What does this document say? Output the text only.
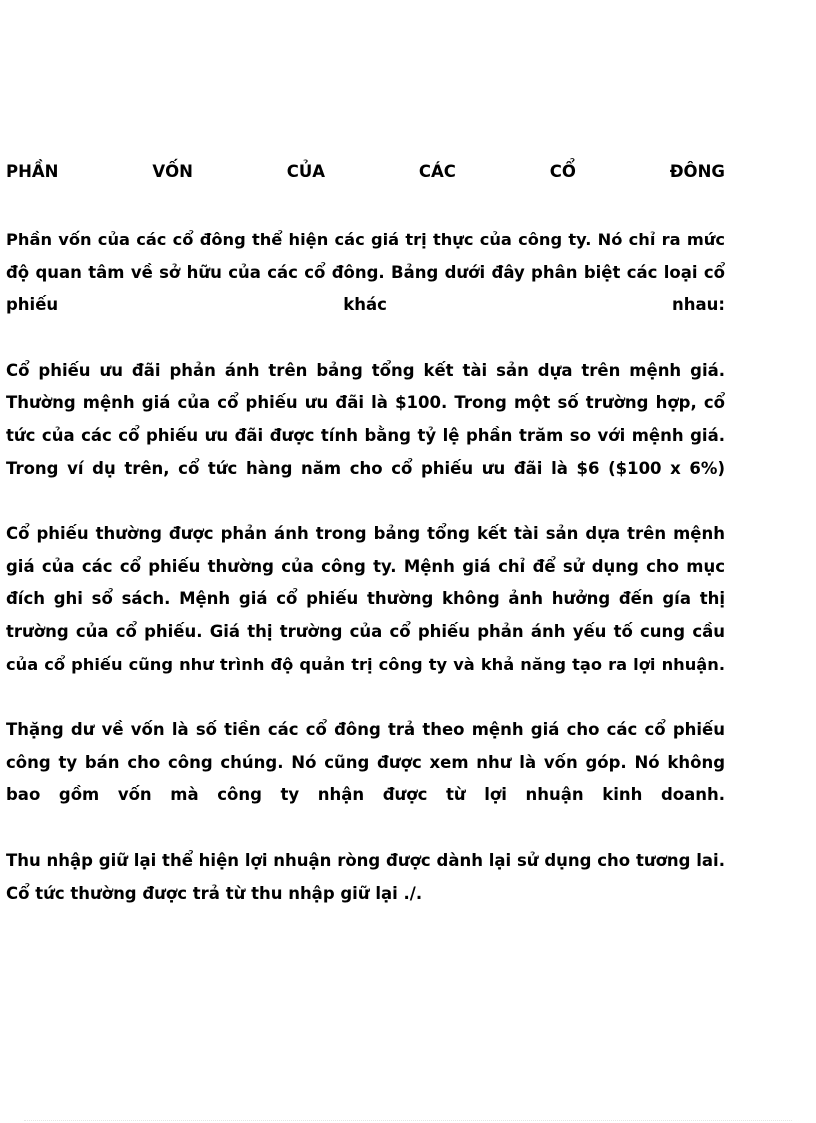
PHẦN	VỐN	CỦA	CÁC	CỔ	ĐÔNG
Phần vốn của các cổ đông thể hiện các giá trị thực của công ty. Nó chỉ ra mức
độ quan tâm về sở hữu của các cổ đông. Bảng dưới đây phân biệt các loại cổ
phiếu khác nhau:
Cổ phiếu ưu đãi phản ánh trên bảng tổng kết tài sản dựa trên mệnh giá.
Thường mệnh giá của cổ phiếu ưu đãi là $100. Trong một số trường hợp, cổ
tức của các cổ phiếu ưu đãi được tính bằng tỷ lệ phần trăm so với mệnh giá.
Trong ví dụ trên, cổ tức hàng năm cho cổ phiếu ưu đãi là $6 ($100 x 6%)
Cổ phiếu thường được phản ánh trong bảng tổng kết tài sản dựa trên mệnh
giá của các cổ phiếu thường của công ty. Mệnh giá chỉ để sử dụng cho mục
đích ghi sổ sách. Mệnh giá cổ phiếu thường không ảnh hưởng đến gía thị
trường của cổ phiếu. Giá thị trường của cổ phiếu phản ánh yếu tố cung cầu
của cổ phiếu cũng như trình độ quản trị công ty và khả năng tạo ra lợi nhuận.
Thặng dư về vốn là số tiền các cổ đông trả theo mệnh giá cho các cổ phiếu
công ty bán cho công chúng. Nó cũng được xem như là vốn góp. Nó không
bao gồm vốn mà công ty nhận được từ lợi nhuận kinh doanh.
Thu nhập giữ lại thể hiện lợi nhuận ròng được dành lại sử dụng cho tương lai.
Cổ tức thường được trả từ thu nhập giữ lại ./.
